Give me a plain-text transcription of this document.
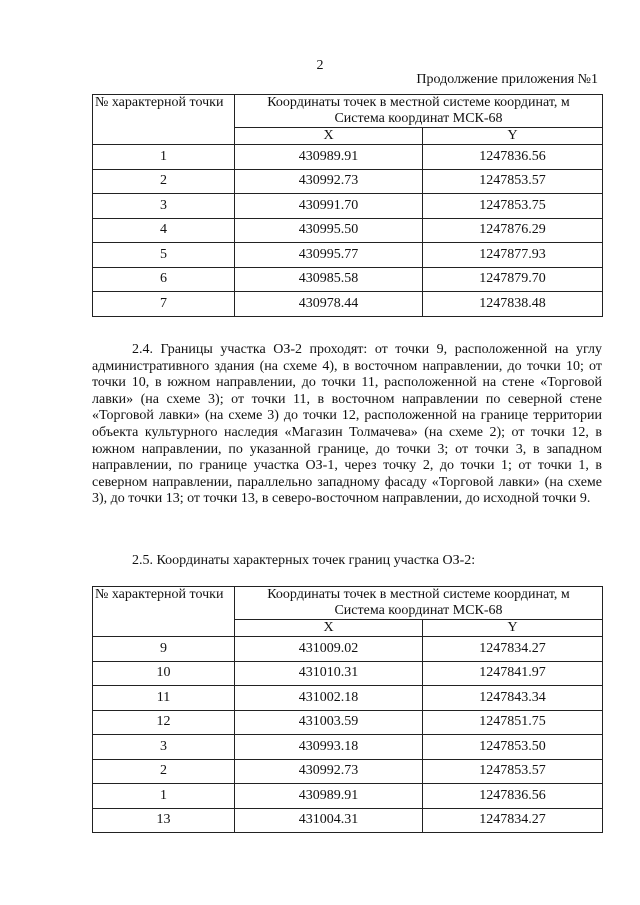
2
Продолжение приложения №1
№ характерной точки	Координаты точек в местной системе координат, м
Система координат МСК-68	

	X	Y
1	430989.91	1247836.56
2	430992.73	1247853.57
3	430991.70	1247853.75
4	430995.50	1247876.29
5	430995.77	1247877.93
6	430985.58	1247879.70
7	430978.44	1247838.48
2.4. Границы участка ОЗ-2 проходят: от точки 9, расположенной на углу административного здания (на схеме 4), в восточном направлении, до точки 10; от точки 10, в южном направлении, до точки 11, расположенной на стене «Торговой лавки» (на схеме 3); от точки 11, в восточном направлении по северной стене «Торговой лавки» (на схеме 3) до точки 12, расположенной на границе территории объекта культурного наследия «Магазин Толмачева» (на схеме 2); от точки 12, в южном направлении, по указанной границе, до точки 3; от точки 3, в западном направлении, по границе участка ОЗ-1, через точку 2, до точки 1; от точки 1, в северном направлении, параллельно западному фасаду «Торговой лавки» (на схеме 3), до точки 13; от точки 13, в северо-восточном направлении, до исходной точки 9.
2.5. Координаты характерных точек границ участка ОЗ-2:
№ характерной точки	Координаты точек в местной системе координат, м
Система координат МСК-68	

	X	Y
9	431009.02	1247834.27
10	431010.31	1247841.97
11	431002.18	1247843.34
12	431003.59	1247851.75
3	430993.18	1247853.50
2	430992.73	1247853.57
1	430989.91	1247836.56
13	431004.31	1247834.27
